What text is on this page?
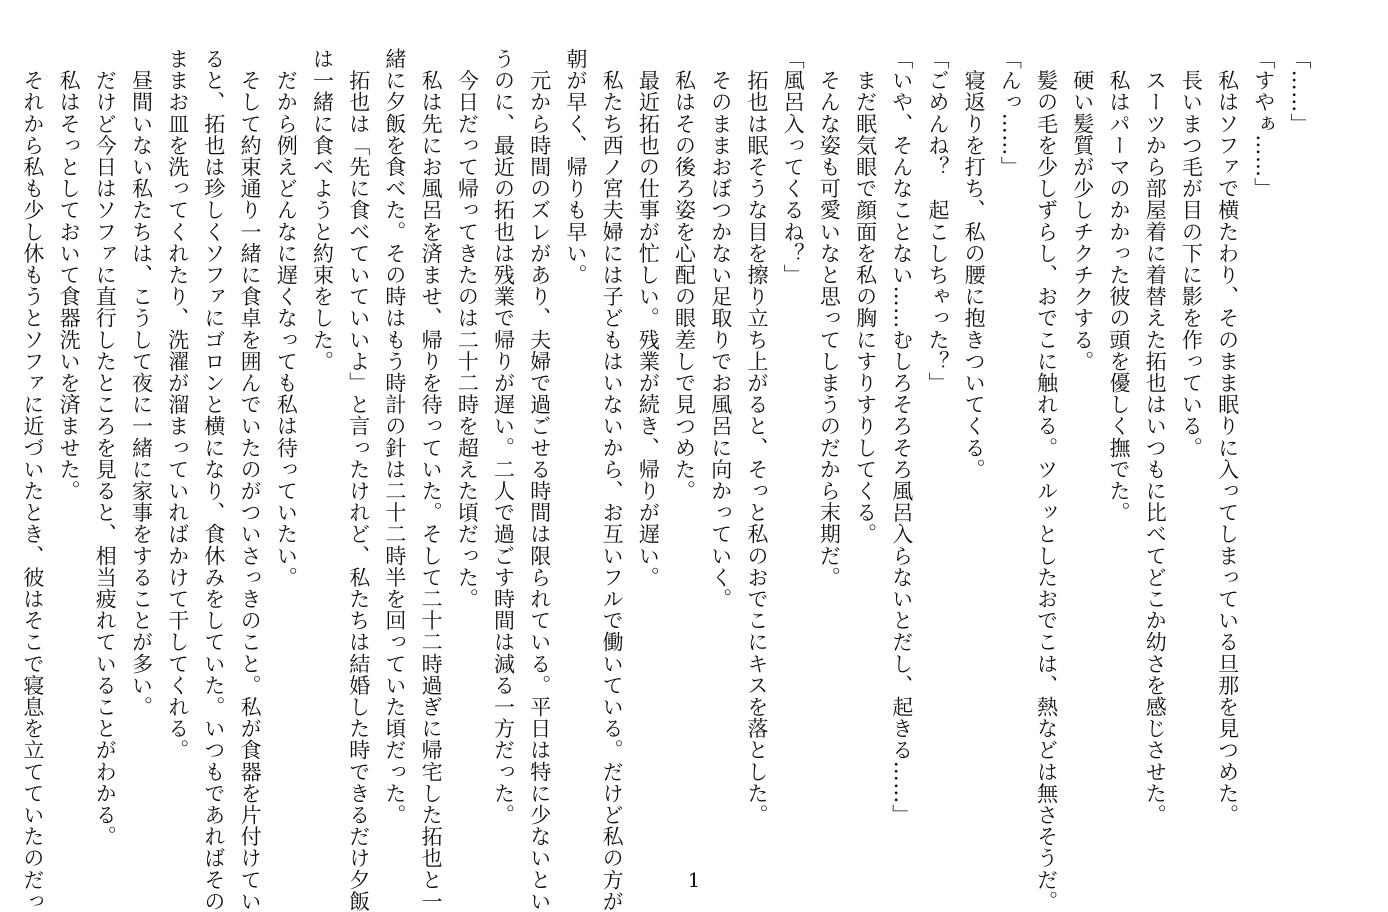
「……」
「すやぁ……」
　私はソファで横たわり、そのまま眠りに入ってしまっている旦那を見つめた。
　長いまつ毛が目の下に影を作っている。
　スーツから部屋着に着替えた拓也はいつもに比べてどこか幼さを感じさせた。
　私はパーマのかかった彼の頭を優しく撫でた。
　硬い髪質が少しチクチクする。
　髪の毛を少しずらし、おでこに触れる。ツルッとしたおでこは、熱などは無さそうだ。
「んっ……」
　寝返りを打ち、私の腰に抱きついてくる。
「ごめんね？　起こしちゃった？」
「いや、そんなことない……むしろそろそろ風呂入らないとだし、起きる……」
　まだ眠気眼で顔面を私の胸にすりすりしてくる。
　そんな姿も可愛いなと思ってしまうのだから末期だ。
「風呂入ってくるね？」
　拓也は眠そうな目を擦り立ち上がると、そっと私のおでこにキスを落とした。
　そのままおぼつかない足取りでお風呂に向かっていく。
　私はその後ろ姿を心配の眼差しで見つめた。
　最近拓也の仕事が忙しい。残業が続き、帰りが遅い。
　私たち西ノ宮夫婦には子どもはいないから、お互いフルで働いている。だけど私の方が
朝が早く、帰りも早い。
　元から時間のズレがあり、夫婦で過ごせる時間は限られている。平日は特に少ないとい
うのに、最近の拓也は残業で帰りが遅い。二人で過ごす時間は減る一方だった。
　今日だって帰ってきたのは二十二時を超えた頃だった。
　私は先にお風呂を済ませ、帰りを待っていた。そして二十二時過ぎに帰宅した拓也と一
緒に夕飯を食べた。その時はもう時計の針は二十二時半を回っていた頃だった。
　拓也は「先に食べていていいよ」と言ったけれど、私たちは結婚した時できるだけ夕飯
は一緒に食べようと約束をした。
　だから例えどんなに遅くなっても私は待っていたい。
　そして約束通り一緒に食卓を囲んでいたのがついさっきのこと。私が食器を片付けてい
ると、拓也は珍しくソファにゴロンと横になり、食休みをしていた。いつもであればその
ままお皿を洗ってくれたり、洗濯が溜まっていればかけて干してくれる。
　昼間いない私たちは、こうして夜に一緒に家事をすることが多い。
　だけど今日はソファに直行したところを見ると、相当疲れていることがわかる。
　私はそっとしておいて食器洗いを済ませた。
　それから私も少し休もうとソファに近づいたとき、彼はそこで寝息を立てていたのだっ	1
